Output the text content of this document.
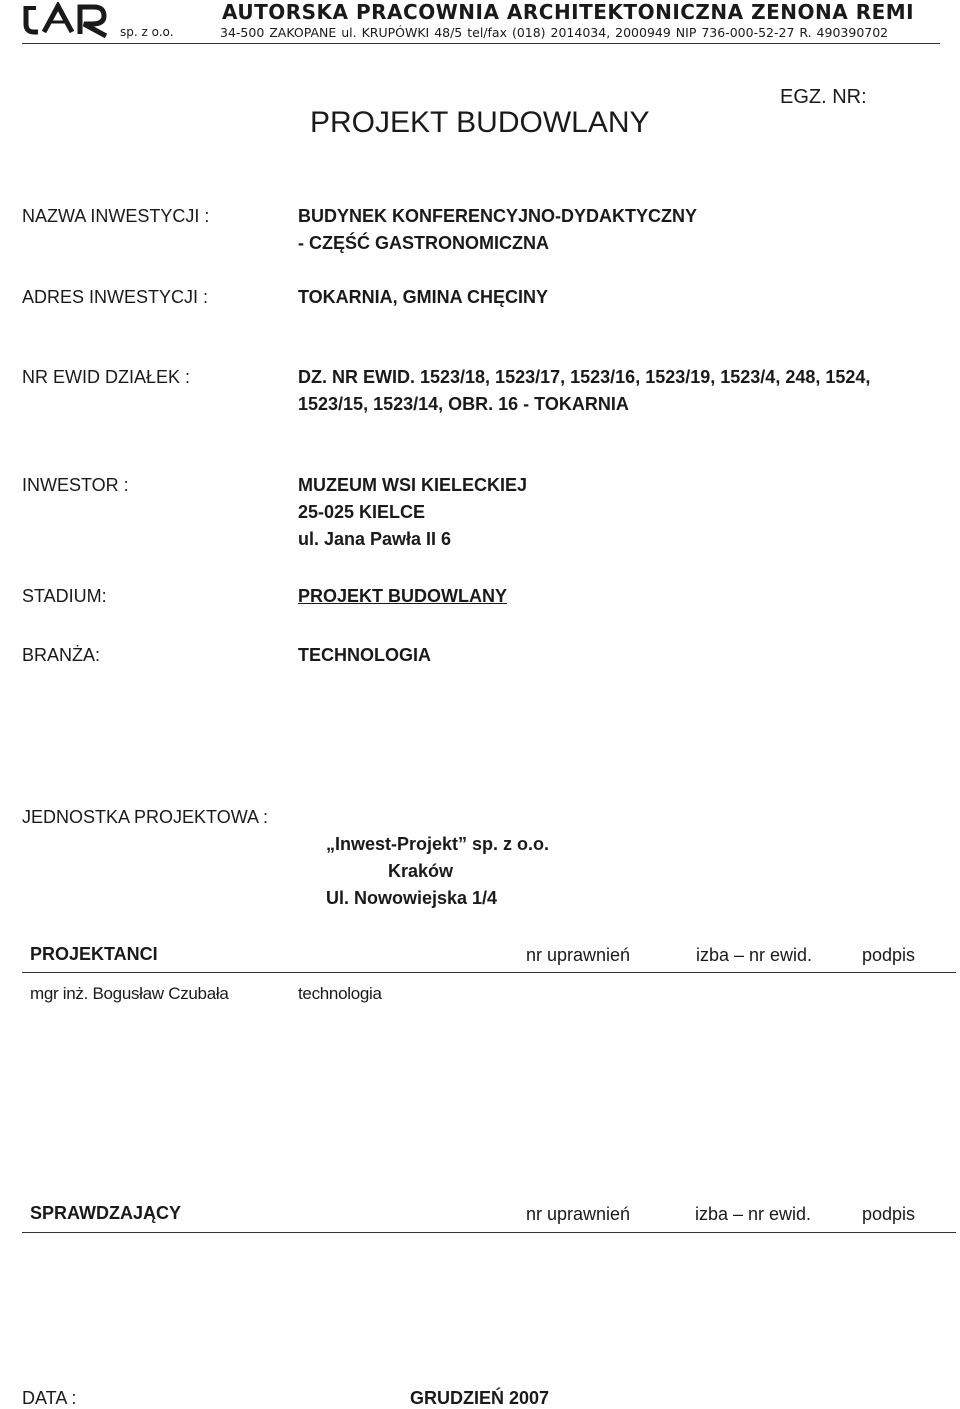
sp. z o.o.
AUTORSKA PRACOWNIA ARCHITEKTONICZNA ZENONA REMI
34-500 ZAKOPANE ul. KRUPÓWKI 48/5 tel/fax (018) 2014034, 2000949 NIP 736-000-52-27 R. 490390702
PROJEKT BUDOWLANY
EGZ. NR:
NAZWA INWESTYCJI :	BUDYNEK KONFERENCYJNO-DYDAKTYCZNY
- CZĘŚĆ GASTRONOMICZNA
ADRES INWESTYCJI :	TOKARNIA, GMINA CHĘCINY
NR EWID DZIAŁEK :	DZ. NR EWID. 1523/18, 1523/17, 1523/16, 1523/19, 1523/4, 248, 1524,
1523/15, 1523/14, OBR. 16 - TOKARNIA
INWESTOR :	MUZEUM WSI KIELECKIEJ
25-025 KIELCE
ul. Jana Pawła II 6
STADIUM:	PROJEKT BUDOWLANY
BRANŻA:	TECHNOLOGIA
JEDNOSTKA PROJEKTOWA :
„Inwest-Projekt” sp. z o.o.
Kraków
Ul. Nowowiejska 1/4
PROJEKTANCI	nr uprawnień	izba – nr ewid.	podpis
mgr inż. Bogusław Czubała	technologia
SPRAWDZAJĄCY	nr uprawnień	izba – nr ewid.	podpis
DATA :	GRUDZIEŃ 2007
